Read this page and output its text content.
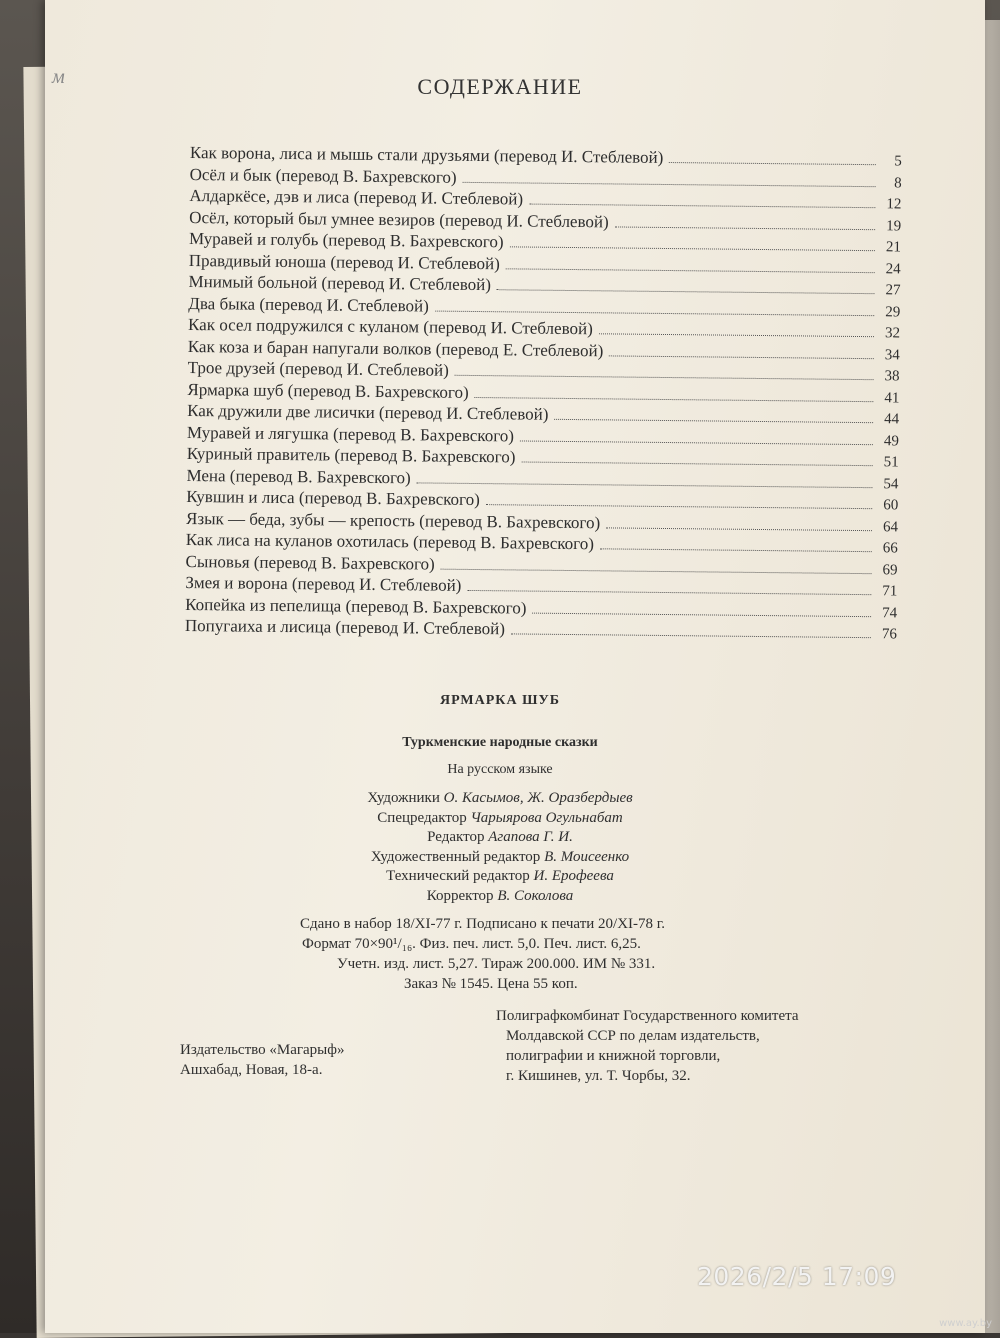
м	СОДЕРЖАНИЕ
Как ворона, лиса и мышь стали друзьями (перевод И. Стеблевой)	5
Осёл и бык (перевод В. Бахревского)	8
Алдаркёсе, дэв и лиса (перевод И. Стеблевой)	12
Осёл, который был умнее везиров (перевод И. Стеблевой)	19
Муравей и голубь (перевод В. Бахревского)	21
Правдивый юноша (перевод И. Стеблевой)	24
Мнимый больной (перевод И. Стеблевой)	27
Два быка (перевод И. Стеблевой)	29
Как осел подружился с куланом (перевод И. Стеблевой)	32
Как коза и баран напугали волков (перевод Е. Стеблевой)	34
Трое друзей (перевод И. Стеблевой)	38
Ярмарка шуб (перевод В. Бахревского)	41
Как дружили две лисички (перевод И. Стеблевой)	44
Муравей и лягушка (перевод В. Бахревского)	49
Куриный правитель (перевод В. Бахревского)	51
Мена (перевод В. Бахревского)	54
Кувшин и лиса (перевод В. Бахревского)	60
Язык — беда, зубы — крепость (перевод В. Бахревского)	64
Как лиса на куланов охотилась (перевод В. Бахревского)	66
Сыновья (перевод В. Бахревского)	69
Змея и ворона (перевод И. Стеблевой)	71
Копейка из пепелища (перевод В. Бахревского)	74
Попугаиха и лисица (перевод И. Стеблевой)	76
ЯРМАРКА ШУБ
Туркменские народные сказки
На русском языке
Художники О. Касымов, Ж. Оразбердыев
Спецредактор Чарыярова Огульнабат
Редактор Агапова Г. И.
Художественный редактор В. Моисеенко
Технический редактор И. Ерофеева
Корректор В. Соколова
Сдано в набор 18/XI-77 г. Подписано к печати 20/XI-78 г.
Формат 70×90¹/₁₆. Физ. печ. лист. 5,0. Печ. лист. 6,25.
Учетн. изд. лист. 5,27. Тираж 200.000. ИМ № 331.
Заказ № 1545. Цена 55 коп.
Издательство «Магарыф»
Ашхабад, Новая, 18-а.
Полиграфкомбинат Государственного комитета
Молдавской ССР по делам издательств,
полиграфии и книжной торговли,
г. Кишинев, ул. Т. Чорбы, 32.
2026/2/5 17:09
www.ay.by
